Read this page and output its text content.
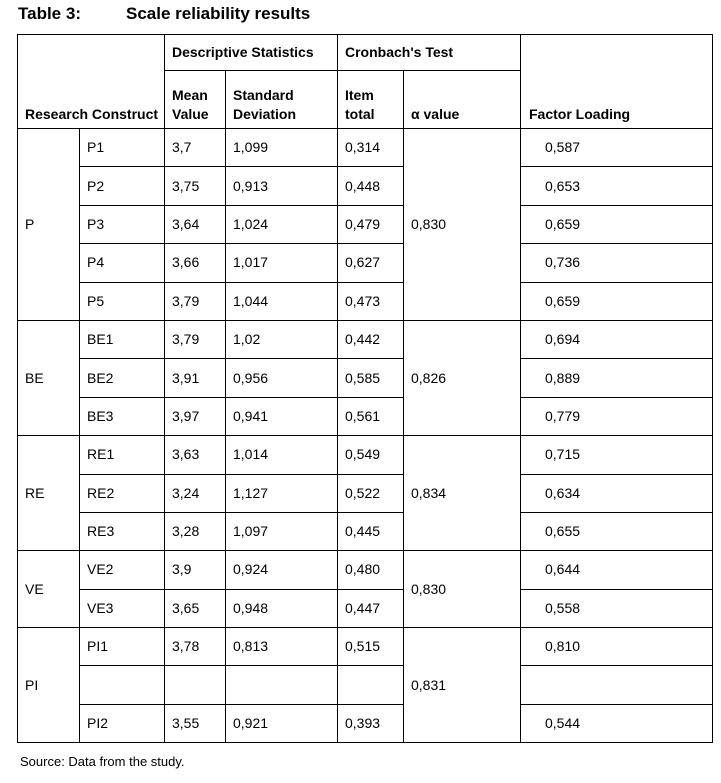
Table 3:	Scale reliability results
Research Construct		Descriptive Statistics		Cronbach's Test		Factor Loading
		Mean Value	Standard Deviation	Item total	α value	
P	P1	3,7	1,099	0,314	0,830	0,587
	P2	3,75	0,913	0,448		0,653
	P3	3,64	1,024	0,479		0,659
	P4	3,66	1,017	0,627		0,736
	P5	3,79	1,044	0,473		0,659
BE	BE1	3,79	1,02	0,442	0,826	0,694
	BE2	3,91	0,956	0,585		0,889
	BE3	3,97	0,941	0,561		0,779
RE	RE1	3,63	1,014	0,549	0,834	0,715
	RE2	3,24	1,127	0,522		0,634
	RE3	3,28	1,097	0,445		0,655
VE	VE2	3,9	0,924	0,480	0,830	0,644
	VE3	3,65	0,948	0,447		0,558
PI	PI1	3,78	0,813	0,515	0,831	0,810

	PI2	3,55	0,921	0,393		0,544
Source: Data from the study.
